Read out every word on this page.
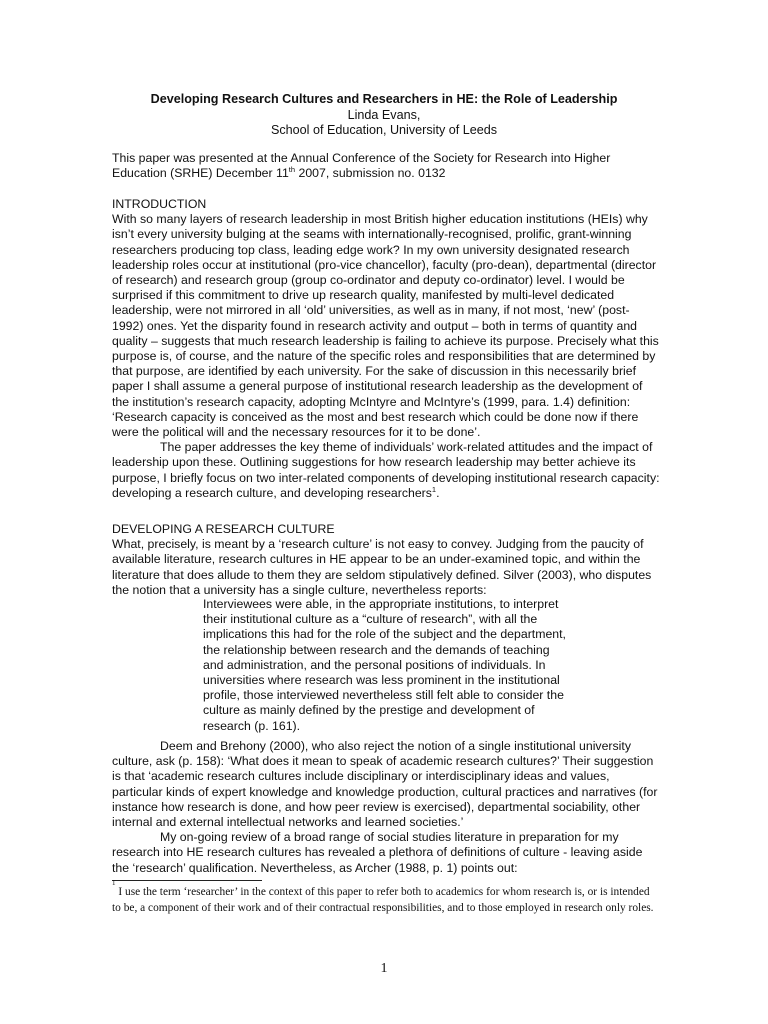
Developing Research Cultures and Researchers in HE: the Role of Leadership
Linda Evans,
School of Education, University of Leeds

This paper was presented at the Annual Conference of the Society for Research into Higher Education (SRHE) December 11th 2007, submission no. 0132

INTRODUCTION

With so many layers of research leadership in most British higher education institutions (HEIs) why isn’t every university bulging at the seams with internationally-recognised, prolific, grant-winning researchers producing top class, leading edge work? In my own university designated research leadership roles occur at institutional (pro-vice chancellor), faculty (pro-dean), departmental (director of research) and research group (group co-ordinator and deputy co-ordinator) level. I would be surprised if this commitment to drive up research quality, manifested by multi-level dedicated leadership, were not mirrored in all ‘old’ universities, as well as in many, if not most, ‘new’ (post-1992) ones. Yet the disparity found in research activity and output – both in terms of quantity and quality – suggests that much research leadership is failing to achieve its purpose. Precisely what this purpose is, of course, and the nature of the specific roles and responsibilities that are determined by that purpose, are identified by each university. For the sake of discussion in this necessarily brief paper I shall assume a general purpose of institutional research leadership as the development of the institution’s research capacity, adopting McIntyre and McIntyre’s (1999, para. 1.4) definition: ‘Research capacity is conceived as the most and best research which could be done now if there were the political will and the necessary resources for it to be done’.

The paper addresses the key theme of individuals’ work-related attitudes and the impact of leadership upon these. Outlining suggestions for how research leadership may better achieve its purpose, I briefly focus on two inter-related components of developing institutional research capacity: developing a research culture, and developing researchers$^1$.

DEVELOPING A RESEARCH CULTURE

What, precisely, is meant by a ‘research culture’ is not easy to convey. Judging from the paucity of available literature, research cultures in HE appear to be an under-examined topic, and within the literature that does allude to them they are seldom stipulatively defined. Silver (2003), who disputes the notion that a university has a single culture, nevertheless reports:

Interviewees were able, in the appropriate institutions, to interpret their institutional culture as a “culture of research”, with all the implications this had for the role of the subject and the department, the relationship between research and the demands of teaching and administration, and the personal positions of individuals. In universities where research was less prominent in the institutional profile, those interviewed nevertheless still felt able to consider the culture as mainly defined by the prestige and development of research (p. 161).

Deem and Brehony (2000), who also reject the notion of a single institutional university culture, ask (p. 158): ‘What does it mean to speak of academic research cultures?’ Their suggestion is that ‘academic research cultures include disciplinary or interdisciplinary ideas and values, particular kinds of expert knowledge and knowledge production, cultural practices and narratives (for instance how research is done, and how peer review is exercised), departmental sociability, other internal and external intellectual networks and learned societies.’

My on-going review of a broad range of social studies literature in preparation for my research into HE research cultures has revealed a plethora of definitions of culture - leaving aside the ‘research’ qualification. Nevertheless, as Archer (1988, p. 1) points out:

$^1$ I use the term ‘researcher’ in the context of this paper to refer both to academics for whom research is, or is intended to be, a component of their work and of their contractual responsibilities, and to those employed in research only roles.
1
